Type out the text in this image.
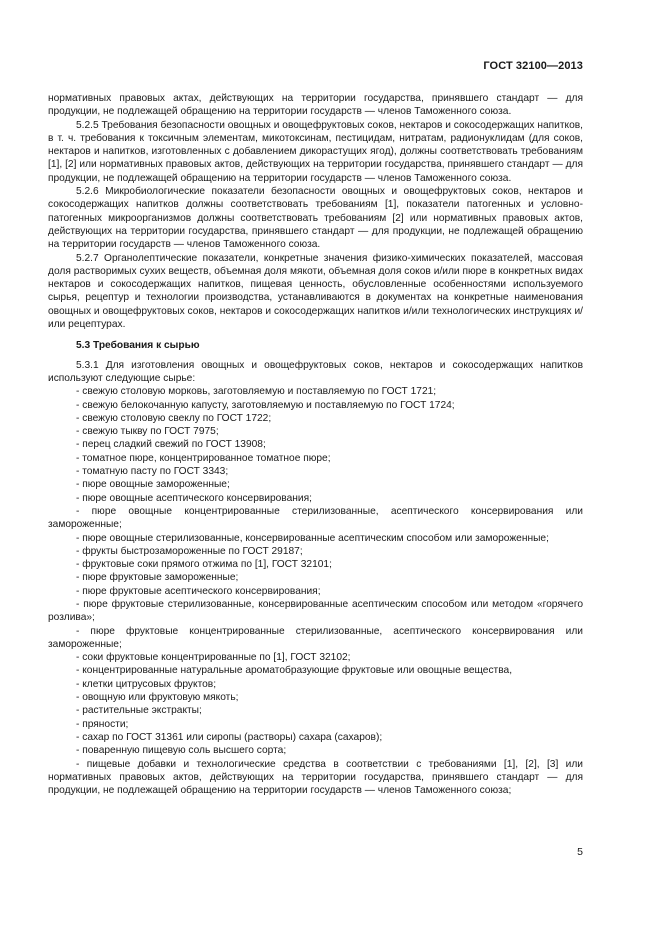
ГОСТ 32100—2013

нормативных правовых актах, действующих на территории государства, принявшего стандарт — для продукции, не подлежащей обращению на территории государств — членов Таможенного союза.

5.2.5 Требования безопасности овощных и овощефруктовых соков, нектаров и сокосодержащих напитков, в т. ч. требования к токсичным элементам, микотоксинам, пестицидам, нитратам, радионуклидам (для соков, нектаров и напитков, изготовленных с добавлением дикорастущих ягод), должны соответствовать требованиям [1], [2] или нормативных правовых актов, действующих на территории государства, принявшего стандарт — для продукции, не подлежащей обращению на территории государств — членов Таможенного союза.

5.2.6 Микробиологические показатели безопасности овощных и овощефруктовых соков, нектаров и сокосодержащих напитков должны соответствовать требованиям [1], показатели патогенных и условно-патогенных микроорганизмов должны соответствовать требованиям [2] или нормативных правовых актов, действующих на территории государства, принявшего стандарт — для продукции, не подлежащей обращению на территории государств — членов Таможенного союза.

5.2.7 Органолептические показатели, конкретные значения физико-химических показателей, массовая доля растворимых сухих веществ, объемная доля мякоти, объемная доля соков и/или пюре в конкретных видах нектаров и сокосодержащих напитков, пищевая ценность, обусловленные особенностями используемого сырья, рецептур и технологии производства, устанавливаются в документах на конкретные наименования овощных и овощефруктовых соков, нектаров и сокосодержащих напитков и/или технологических инструкциях и/или рецептурах.

5.3 Требования к сырью

5.3.1 Для изготовления овощных и овощефруктовых соков, нектаров и сокосодержащих напитков используют следующие сырье:

- свежую столовую морковь, заготовляемую и поставляемую по ГОСТ 1721;

- свежую белокочанную капусту, заготовляемую и поставляемую по ГОСТ 1724;

- свежую столовую свеклу по ГОСТ 1722;

- свежую тыкву по ГОСТ 7975;

- перец сладкий свежий по ГОСТ 13908;

- томатное пюре, концентрированное томатное пюре;

- томатную пасту по ГОСТ 3343;

- пюре овощные замороженные;

- пюре овощные асептического консервирования;

- пюре овощные концентрированные стерилизованные, асептического консервирования или замороженные;

- пюре овощные стерилизованные, консервированные асептическим способом или замороженные;

- фрукты быстрозамороженные по ГОСТ 29187;

- фруктовые соки прямого отжима по [1], ГОСТ 32101;

- пюре фруктовые замороженные;

- пюре фруктовые асептического консервирования;

- пюре фруктовые стерилизованные, консервированные асептическим способом или методом «горячего розлива»;

- пюре фруктовые концентрированные стерилизованные, асептического консервирования или замороженные;

- соки фруктовые концентрированные по [1], ГОСТ 32102;

- концентрированные натуральные ароматобразующие фруктовые или овощные вещества,

- клетки цитрусовых фруктов;

- овощную или фруктовую мякоть;

- растительные экстракты;

- пряности;

- сахар по ГОСТ 31361 или сиропы (растворы) сахара (сахаров);

- поваренную пищевую соль высшего сорта;

- пищевые добавки и технологические средства в соответствии с требованиями [1], [2], [3] или нормативных правовых актов, действующих на территории государства, принявшего стандарт — для продукции, не подлежащей обращению на территории государств — членов Таможенного союза;

5
